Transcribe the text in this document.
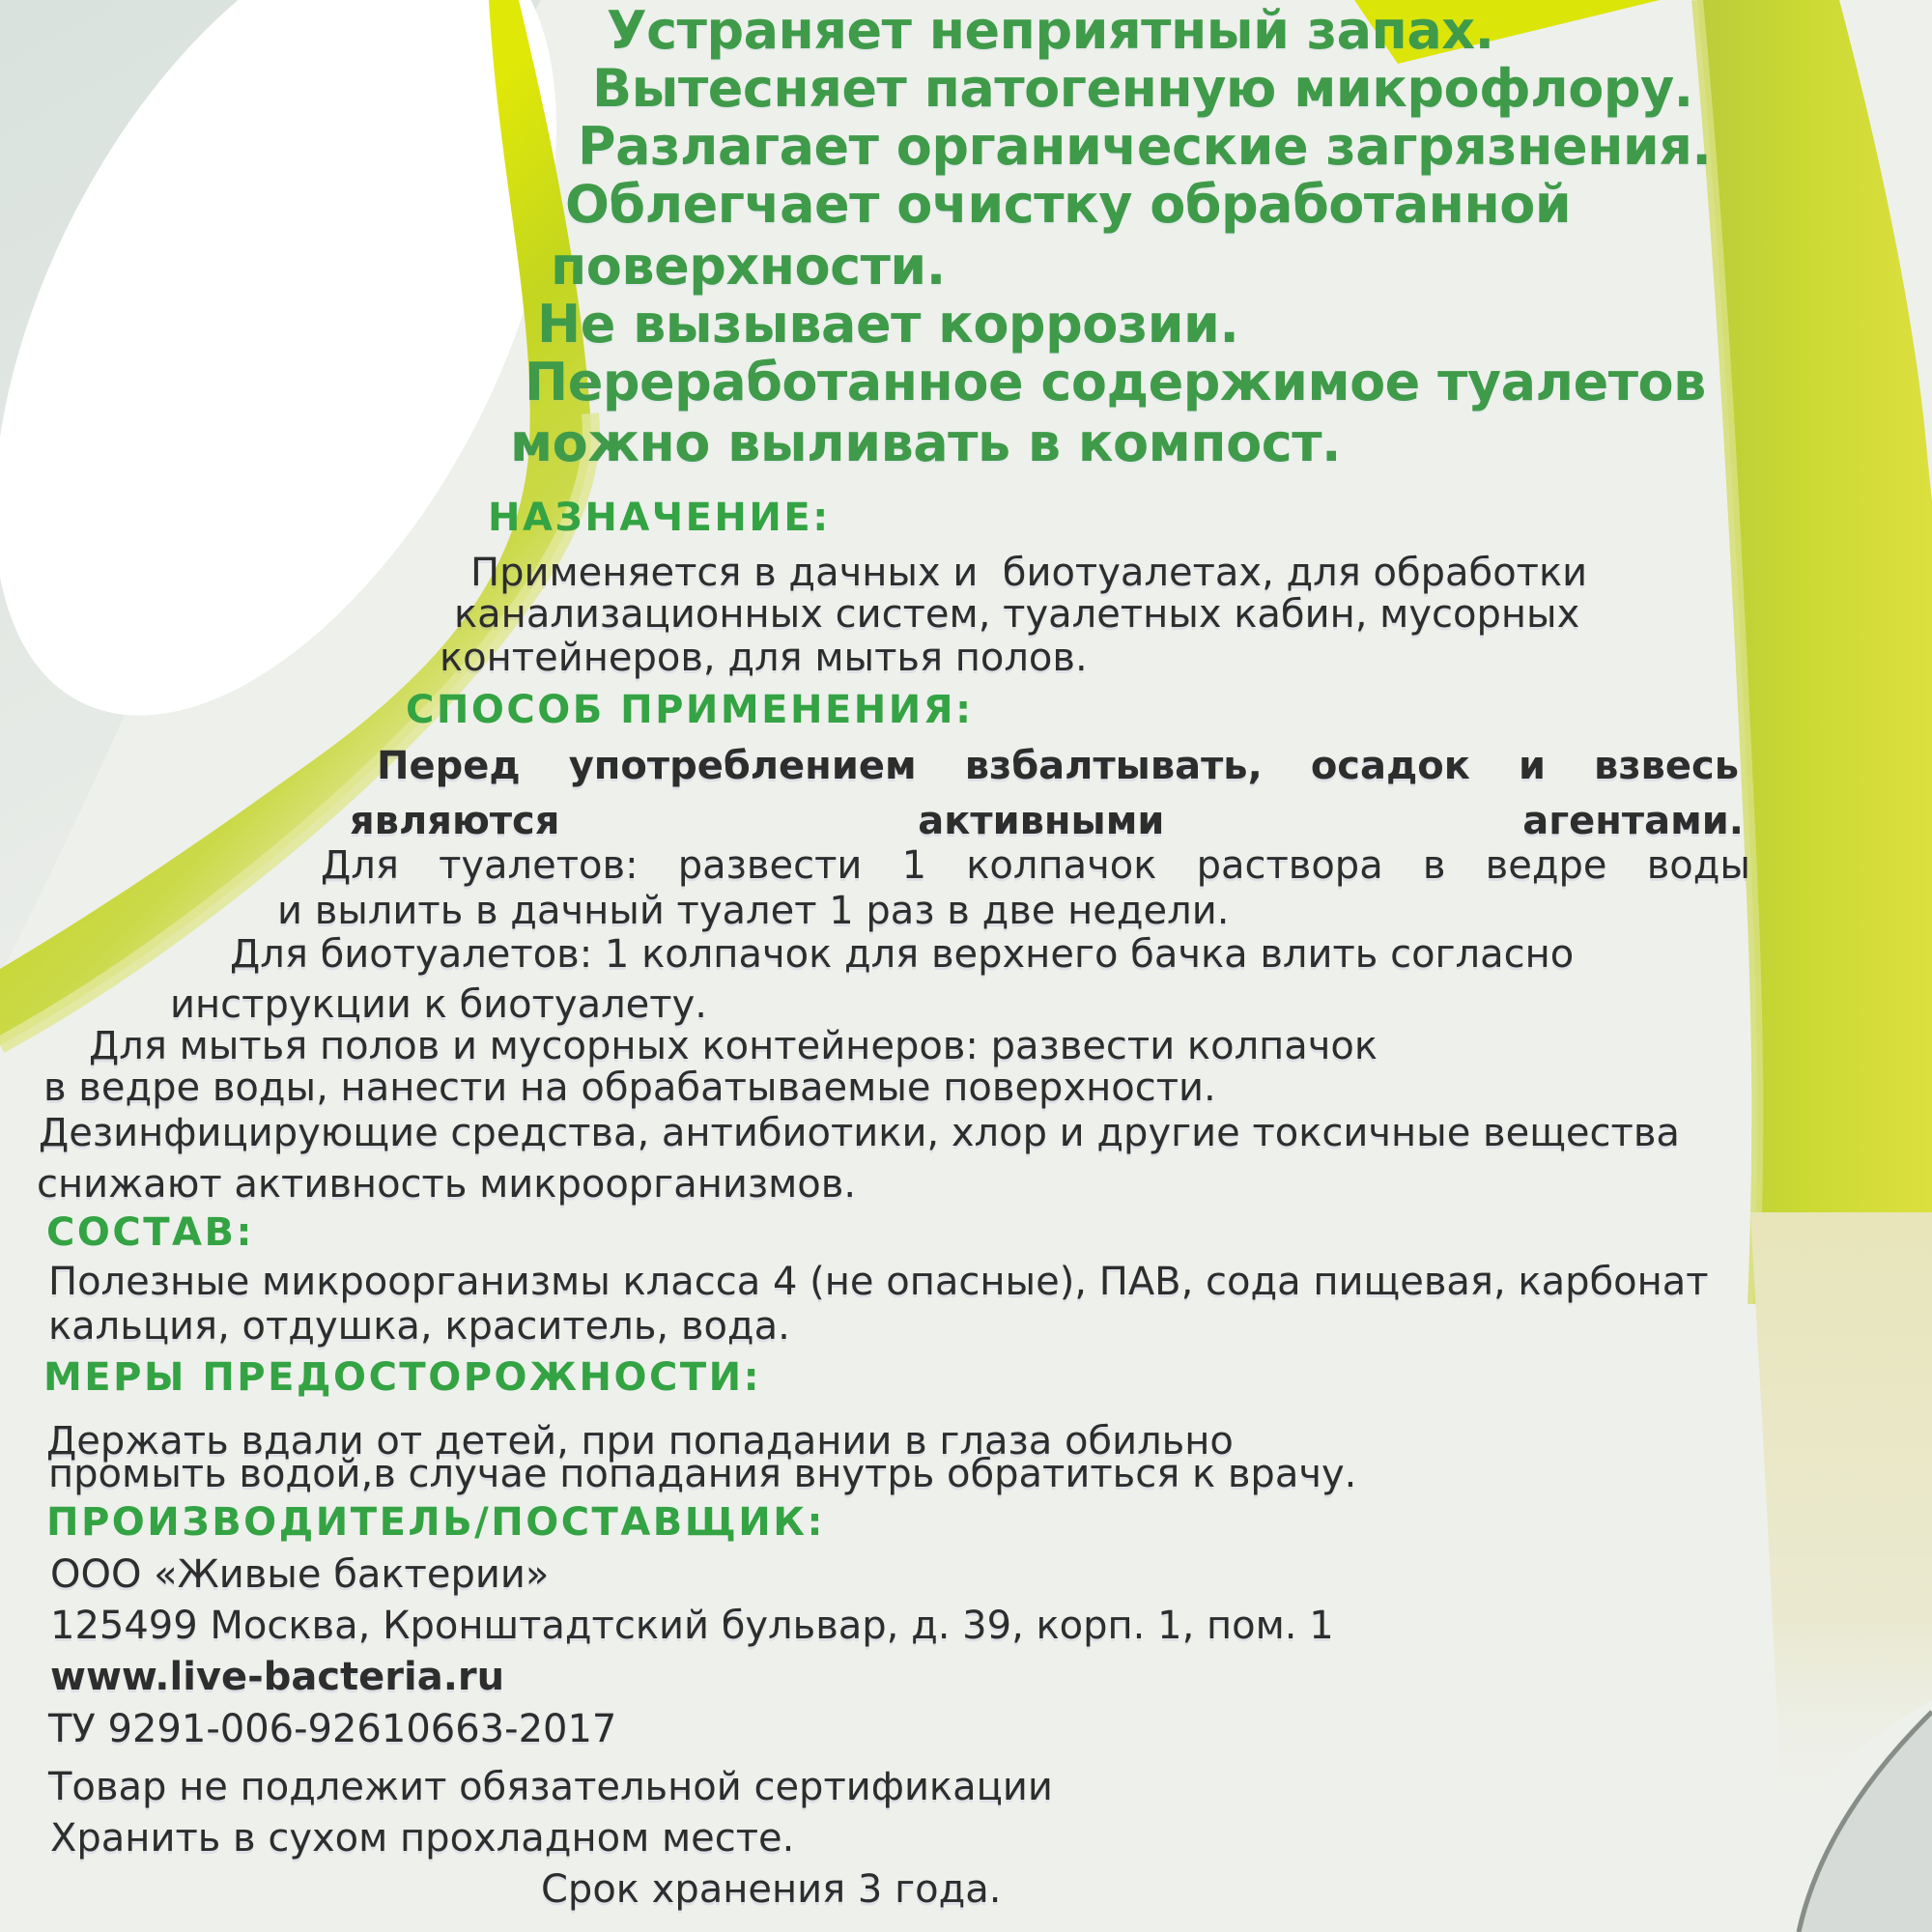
Устраняет неприятный запах.
Вытесняет патогенную микрофлору.
Разлагает органические загрязнения.
Облегчает очистку обработанной
поверхности.
Не вызывает коррозии.
Переработанное содержимое туалетов
можно выливать в компост.
НАЗНАЧЕНИЕ:
Применяется в дачных и  биотуалетах, для обработки
канализационных систем, туалетных кабин, мусорных
контейнеров, для мытья полов.
СПОСОБ ПРИМЕНЕНИЯ:
Перед употреблением взбалтывать, осадок и взвесь
являются активными агентами.
Для туалетов: развести 1 колпачок раствора в ведре воды
и вылить в дачный туалет 1 раз в две недели.
Для биотуалетов: 1 колпачок для верхнего бачка влить согласно
инструкции к биотуалету.
Для мытья полов и мусорных контейнеров: развести колпачок
в ведре воды, нанести на обрабатываемые поверхности.
Дезинфицирующие средства, антибиотики, хлор и другие токсичные вещества
снижают активность микроорганизмов.
СОСТАВ:
Полезные микроорганизмы класса 4 (не опасные), ПАВ, сода пищевая, карбонат
кальция, отдушка, краситель, вода.
МЕРЫ ПРЕДОСТОРОЖНОСТИ:
Держать вдали от детей, при попадании в глаза обильно
промыть водой,в случае попадания внутрь обратиться к врачу.
ПРОИЗВОДИТЕЛЬ/ПОСТАВЩИК:
ООО «Живые бактерии»
125499 Москва, Кронштадтский бульвар, д. 39, корп. 1, пом. 1
www.live-bacteria.ru
ТУ 9291-006-92610663-2017
Товар не подлежит обязательной сертификации
Хранить в сухом прохладном месте.
Срок хранения 3 года.
